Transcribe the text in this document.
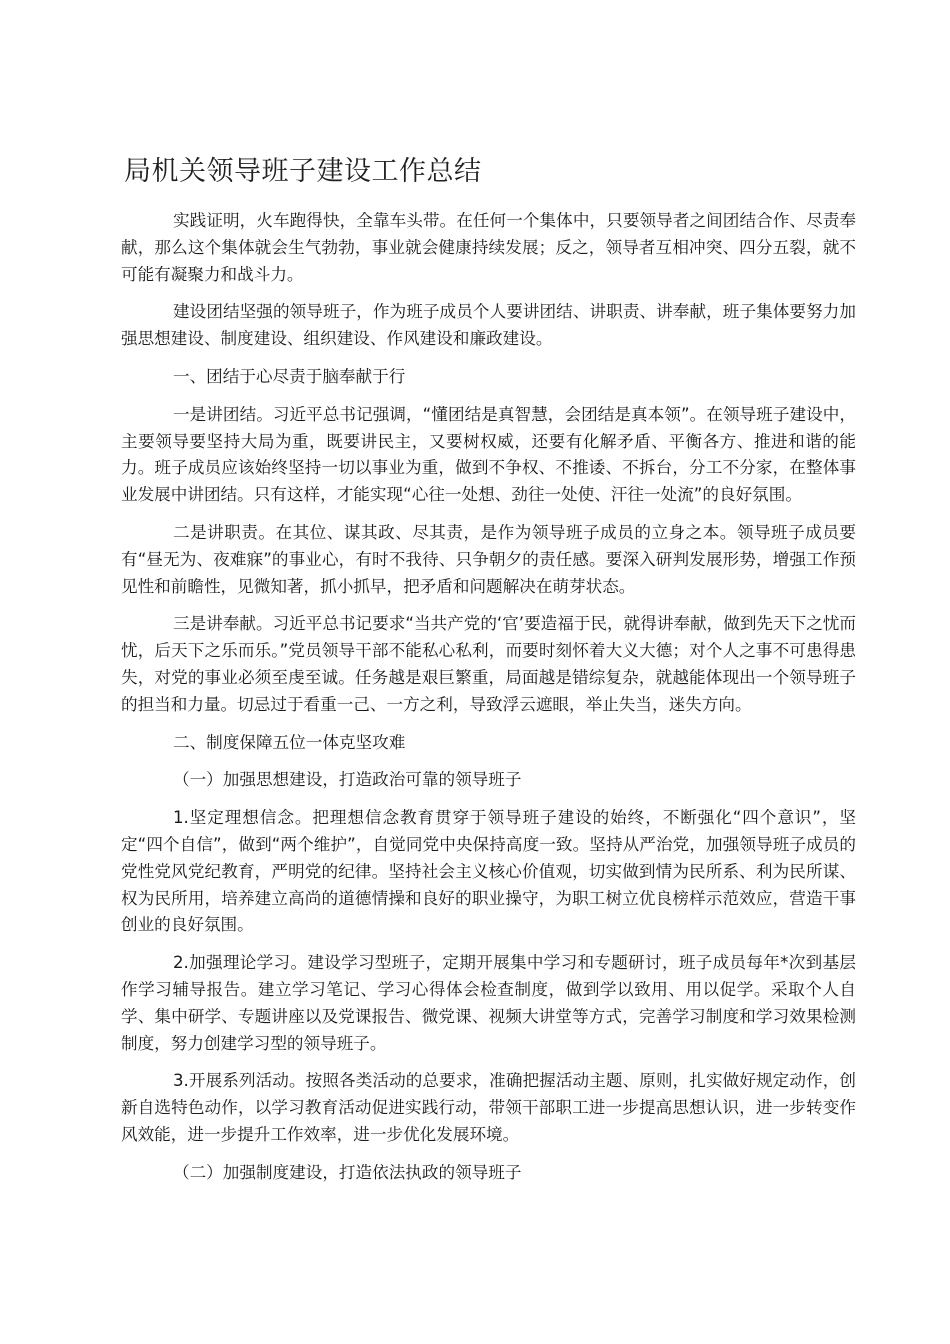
局机关领导班子建设工作总结

实践证明，火车跑得快，全靠车头带。在任何一个集体中，只要领导者之间团结合作、尽责奉献，那么这个集体就会生气勃勃，事业就会健康持续发展；反之，领导者互相冲突、四分五裂，就不可能有凝聚力和战斗力。

建设团结坚强的领导班子，作为班子成员个人要讲团结、讲职责、讲奉献，班子集体要努力加强思想建设、制度建设、组织建设、作风建设和廉政建设。

一、团结于心尽责于脑奉献于行

一是讲团结。习近平总书记强调，“懂团结是真智慧，会团结是真本领”。在领导班子建设中，主要领导要坚持大局为重，既要讲民主，又要树权威，还要有化解矛盾、平衡各方、推进和谐的能力。班子成员应该始终坚持一切以事业为重，做到不争权、不推诿、不拆台，分工不分家，在整体事业发展中讲团结。只有这样，才能实现“心往一处想、劲往一处使、汗往一处流”的良好氛围。

二是讲职责。在其位、谋其政、尽其责，是作为领导班子成员的立身之本。领导班子成员要有“昼无为、夜难寐”的事业心，有时不我待、只争朝夕的责任感。要深入研判发展形势，增强工作预见性和前瞻性，见微知著，抓小抓早，把矛盾和问题解决在萌芽状态。

三是讲奉献。习近平总书记要求“当共产党的‘官’要造福于民，就得讲奉献，做到先天下之忧而忧，后天下之乐而乐。”党员领导干部不能私心私利，而要时刻怀着大义大德；对个人之事不可患得患失，对党的事业必须至虔至诚。任务越是艰巨繁重，局面越是错综复杂，就越能体现出一个领导班子的担当和力量。切忌过于看重一己、一方之利，导致浮云遮眼，举止失当，迷失方向。

二、制度保障五位一体克坚攻难

（一）加强思想建设，打造政治可靠的领导班子

1.坚定理想信念。把理想信念教育贯穿于领导班子建设的始终，不断强化“四个意识”，坚定“四个自信”，做到“两个维护”，自觉同党中央保持高度一致。坚持从严治党，加强领导班子成员的党性党风党纪教育，严明党的纪律。坚持社会主义核心价值观，切实做到情为民所系、利为民所谋、权为民所用，培养建立高尚的道德情操和良好的职业操守，为职工树立优良榜样示范效应，营造干事创业的良好氛围。

2.加强理论学习。建设学习型班子，定期开展集中学习和专题研讨，班子成员每年*次到基层作学习辅导报告。建立学习笔记、学习心得体会检查制度，做到学以致用、用以促学。采取个人自学、集中研学、专题讲座以及党课报告、微党课、视频大讲堂等方式，完善学习制度和学习效果检测制度，努力创建学习型的领导班子。

3.开展系列活动。按照各类活动的总要求，准确把握活动主题、原则，扎实做好规定动作，创新自选特色动作，以学习教育活动促进实践行动，带领干部职工进一步提高思想认识，进一步转变作风效能，进一步提升工作效率，进一步优化发展环境。

（二）加强制度建设，打造依法执政的领导班子
